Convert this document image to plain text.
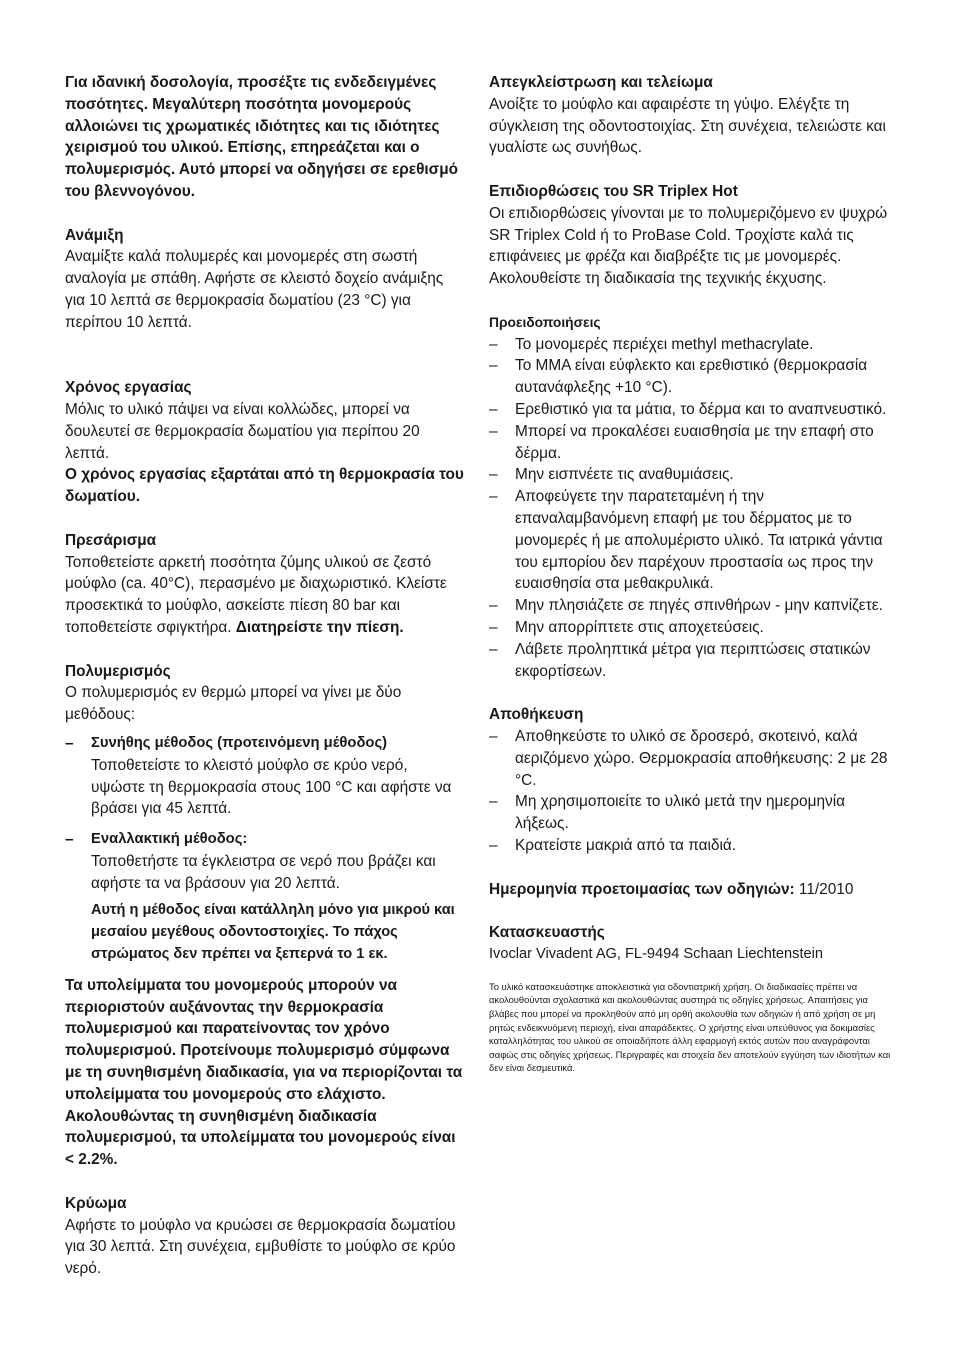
Για ιδανική δοσολογία, προσέξτε τις ενδεδειγμένες ποσότητες. Μεγαλύτερη ποσότητα μονομερούς αλλοιώνει τις χρωματικές ιδιότητες και τις ιδιότητες χειρισμού του υλικού. Επίσης, επηρεάζεται και ο πολυμερισμός. Αυτό μπορεί να οδηγήσει σε ερεθισμό του βλεννογόνου.

Ανάμιξη

Αναμίξτε καλά πολυμερές και μονομερές στη σωστή αναλογία με σπάθη. Αφήστε σε κλειστό δοχείο ανάμιξης για 10 λεπτά σε θερμοκρασία δωματίου (23 °C) για περίπου 10 λεπτά.

Χρόνος εργασίας

Μόλις το υλικό πάψει να είναι κολλώδες, μπορεί να δουλευτεί σε θερμοκρασία δωματίου για περίπου 20 λεπτά.

Ο χρόνος εργασίας εξαρτάται από τη θερμοκρασία του δωματίου.

Πρεσάρισμα

Τοποθετείστε αρκετή ποσότητα ζύμης υλικού σε ζεστό μούφλο (ca. 40°C), περασμένο με διαχωριστικό. Κλείστε προσεκτικά το μούφλο, ασκείστε πίεση 80 bar και τοποθετείστε σφιγκτήρα. Διατηρείστε την πίεση.

Πολυμερισμός

Ο πολυμερισμός εν θερμώ μπορεί να γίνει με δύο μεθόδους:

– Συνήθης μέθοδος (προτεινόμενη μέθοδος)

Τοποθετείστε το κλειστό μούφλο σε κρύο νερό, υψώστε τη θερμοκρασία στους 100 °C και αφήστε να βράσει για 45 λεπτά.

– Εναλλακτική μέθοδος:

Τοποθετήστε τα έγκλειστρα σε νερό που βράζει και αφήστε τα να βράσουν για 20 λεπτά.

Αυτή η μέθοδος είναι κατάλληλη μόνο για μικρού και μεσαίου μεγέθους οδοντοστοιχίες. Το πάχος στρώματος δεν πρέπει να ξεπερνά το 1 εκ.

Τα υπολείμματα του μονομερούς μπορούν να περιοριστούν αυξάνοντας την θερμοκρασία πολυμερισμού και παρατείνοντας τον χρόνο πολυμερισμού. Προτείνουμε πολυμερισμό σύμφωνα με τη συνηθισμένη διαδικασία, για να περιορίζονται τα υπολείμματα του μονομερούς στο ελάχιστο. Ακολουθώντας τη συνηθισμένη διαδικασία πολυμερισμού, τα υπολείμματα του μονομερούς είναι < 2.2%.

Κρύωμα

Αφήστε το μούφλο να κρυώσει σε θερμοκρασία δωματίου για 30 λεπτά. Στη συνέχεια, εμβυθίστε το μούφλο σε κρύο νερό.

Απεγκλείστρωση και τελείωμα

Ανοίξτε το μούφλο και αφαιρέστε τη γύψο. Ελέγξτε τη σύγκλειση της οδοντοστοιχίας. Στη συνέχεια, τελειώστε και γυαλίστε ως συνήθως.

Επιδιορθώσεις του SR Triplex Hot

Οι επιδιορθώσεις γίνονται με το πολυμεριζόμενο εν ψυχρώ SR Triplex Cold ή το ProBase Cold. Τροχίστε καλά τις επιφάνειες με φρέζα και διαβρέξτε τις με μονομερές. Ακολουθείστε τη διαδικασία της τεχνικής έκχυσης.

Προειδοποιήσεις

– Το μονομερές περιέχει methyl methacrylate.
– Το MMA είναι εύφλεκτο και ερεθιστικό (θερμοκρασία αυτανάφλεξης +10 °C).
– Ερεθιστικό για τα μάτια, το δέρμα και το αναπνευστικό.
– Μπορεί να προκαλέσει ευαισθησία με την επαφή στο δέρμα.
– Μην εισπνέετε τις αναθυμιάσεις.
– Αποφεύγετε την παρατεταμένη ή την επαναλαμβανόμενη επαφή με του δέρματος με το μονομερές ή με απολυμέριστο υλικό. Τα ιατρικά γάντια του εμπορίου δεν παρέχουν προστασία ως προς την ευαισθησία στα μεθακρυλικά.
– Μην πλησιάζετε σε πηγές σπινθήρων - μην καπνίζετε.
– Μην απορρίπτετε στις αποχετεύσεις.
– Λάβετε προληπτικά μέτρα για περιπτώσεις στατικών εκφορτίσεων.

Αποθήκευση

– Αποθηκεύστε το υλικό σε δροσερό, σκοτεινό, καλά αεριζόμενο χώρο. Θερμοκρασία αποθήκευσης: 2 με 28 °C.
– Μη χρησιμοποιείτε το υλικό μετά την ημερομηνία λήξεως.
– Κρατείστε μακριά από τα παιδιά.

Ημερομηνία προετοιμασίας των οδηγιών: 11/2010

Κατασκευαστής

Ivoclar Vivadent AG, FL-9494 Schaan Liechtenstein

Το υλικό κατασκευάστηκε αποκλειστικά για οδοντιατρική χρήση. Οι διαδικασίες πρέπει να ακολουθούνται σχολαστικά και ακολουθώντας αυστηρά τις οδηγίες χρήσεως. Απαιτήσεις για βλάβες που μπορεί να προκληθούν από μη ορθή ακολουθία των οδηγιών ή από χρήση σε μη ρητώς ενδεικνυόμενη περιοχή, είναι απαράδεκτες. Ο χρήστης είναι υπεύθυνος για δοκιμασίες καταλληλότητας του υλικού σε οποιαδήποτε άλλη εφαρμογή εκτός αυτών που αναγράφονται σαφώς στις οδηγίες χρήσεως. Περιγραφές και στοιχεία δεν αποτελούν εγγύηση των ιδιοτήτων και δεν είναι δεσμευτικά.
